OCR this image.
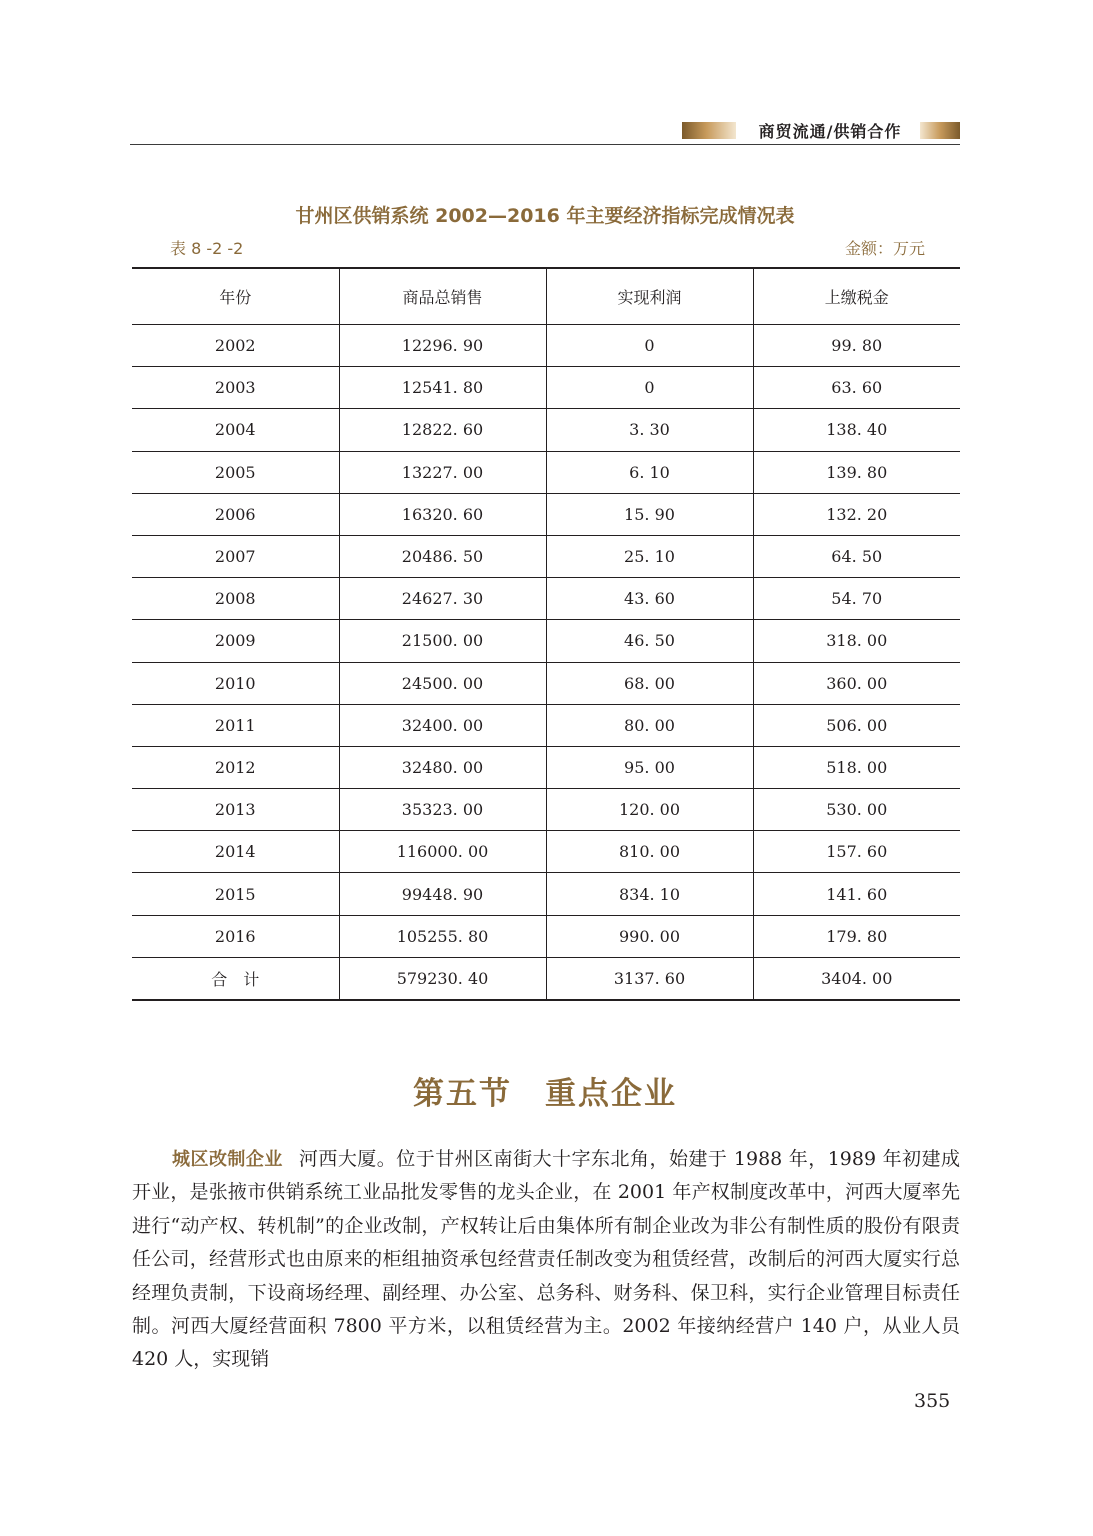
商贸流通/供销合作
甘州区供销系统 2002—2016 年主要经济指标完成情况表
表 8 -2 -2	金额：万元
年份	商品总销售	实现利润	上缴税金
2002	12296. 90	0	99. 80
2003	12541. 80	0	63. 60
2004	12822. 60	3. 30	138. 40
2005	13227. 00	6. 10	139. 80
2006	16320. 60	15. 90	132. 20
2007	20486. 50	25. 10	64. 50
2008	24627. 30	43. 60	54. 70
2009	21500. 00	46. 50	318. 00
2010	24500. 00	68. 00	360. 00
2011	32400. 00	80. 00	506. 00
2012	32480. 00	95. 00	518. 00
2013	35323. 00	120. 00	530. 00
2014	116000. 00	810. 00	157. 60
2015	99448. 90	834. 10	141. 60
2016	105255. 80	990. 00	179. 80
合　计	579230. 40	3137. 60	3404. 00
第五节　重点企业
城区改制企业 河西大厦。位于甘州区南街大十字东北角，始建于 1988 年，1989 年初建成开业，是张掖市供销系统工业品批发零售的龙头企业，在 2001 年产权制度改革中，河西大厦率先进行“动产权、转机制”的企业改制，产权转让后由集体所有制企业改为非公有制性质的股份有限责任公司，经营形式也由原来的柜组抽资承包经营责任制改变为租赁经营，改制后的河西大厦实行总经理负责制，下设商场经理、副经理、办公室、总务科、财务科、保卫科，实行企业管理目标责任制。河西大厦经营面积 7800 平方米，以租赁经营为主。2002 年接纳经营户 140 户，从业人员 420 人，实现销
355
